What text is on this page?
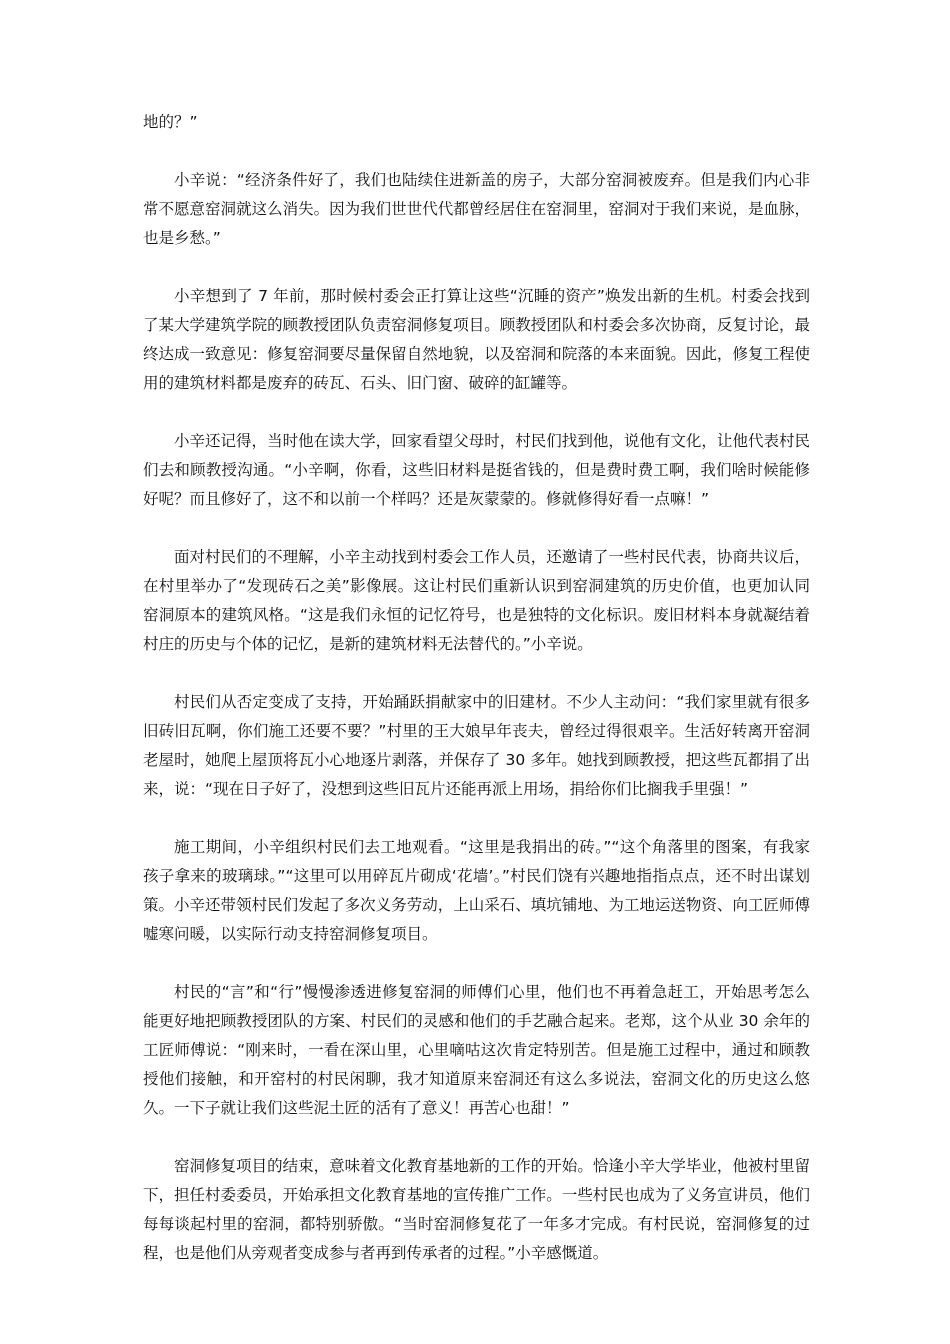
地的？”

小辛说：“经济条件好了，我们也陆续住进新盖的房子，大部分窑洞被废弃。但是我们内心非常不愿意窑洞就这么消失。因为我们世世代代都曾经居住在窑洞里，窑洞对于我们来说，是血脉，也是乡愁。”

小辛想到了 7 年前，那时候村委会正打算让这些“沉睡的资产”焕发出新的生机。村委会找到了某大学建筑学院的顾教授团队负责窑洞修复项目。顾教授团队和村委会多次协商，反复讨论，最终达成一致意见：修复窑洞要尽量保留自然地貌，以及窑洞和院落的本来面貌。因此，修复工程使用的建筑材料都是废弃的砖瓦、石头、旧门窗、破碎的缸罐等。

小辛还记得，当时他在读大学，回家看望父母时，村民们找到他，说他有文化，让他代表村民们去和顾教授沟通。“小辛啊，你看，这些旧材料是挺省钱的，但是费时费工啊，我们啥时候能修好呢？而且修好了，这不和以前一个样吗？还是灰蒙蒙的。修就修得好看一点嘛！”

面对村民们的不理解，小辛主动找到村委会工作人员，还邀请了一些村民代表，协商共议后，在村里举办了“发现砖石之美”影像展。这让村民们重新认识到窑洞建筑的历史价值，也更加认同窑洞原本的建筑风格。“这是我们永恒的记忆符号，也是独特的文化标识。废旧材料本身就凝结着村庄的历史与个体的记忆，是新的建筑材料无法替代的。”小辛说。

村民们从否定变成了支持，开始踊跃捐献家中的旧建材。不少人主动问：“我们家里就有很多旧砖旧瓦啊，你们施工还要不要？”村里的王大娘早年丧夫，曾经过得很艰辛。生活好转离开窑洞老屋时，她爬上屋顶将瓦小心地逐片剥落，并保存了 30 多年。她找到顾教授，把这些瓦都捐了出来，说：“现在日子好了，没想到这些旧瓦片还能再派上用场，捐给你们比搁我手里强！”

施工期间，小辛组织村民们去工地观看。“这里是我捐出的砖。”“这个角落里的图案，有我家孩子拿来的玻璃球。”“这里可以用碎瓦片砌成‘花墙’。”村民们饶有兴趣地指指点点，还不时出谋划策。小辛还带领村民们发起了多次义务劳动，上山采石、填坑铺地、为工地运送物资、向工匠师傅嘘寒问暖，以实际行动支持窑洞修复项目。

村民的“言”和“行”慢慢渗透进修复窑洞的师傅们心里，他们也不再着急赶工，开始思考怎么能更好地把顾教授团队的方案、村民们的灵感和他们的手艺融合起来。老郑，这个从业 30 余年的工匠师傅说：“刚来时，一看在深山里，心里嘀咕这次肯定特别苦。但是施工过程中，通过和顾教授他们接触，和开窑村的村民闲聊，我才知道原来窑洞还有这么多说法，窑洞文化的历史这么悠久。一下子就让我们这些泥土匠的活有了意义！再苦心也甜！”

窑洞修复项目的结束，意味着文化教育基地新的工作的开始。恰逢小辛大学毕业，他被村里留下，担任村委委员，开始承担文化教育基地的宣传推广工作。一些村民也成为了义务宣讲员，他们每每谈起村里的窑洞，都特别骄傲。“当时窑洞修复花了一年多才完成。有村民说，窑洞修复的过程，也是他们从旁观者变成参与者再到传承者的过程。”小辛感慨道。
